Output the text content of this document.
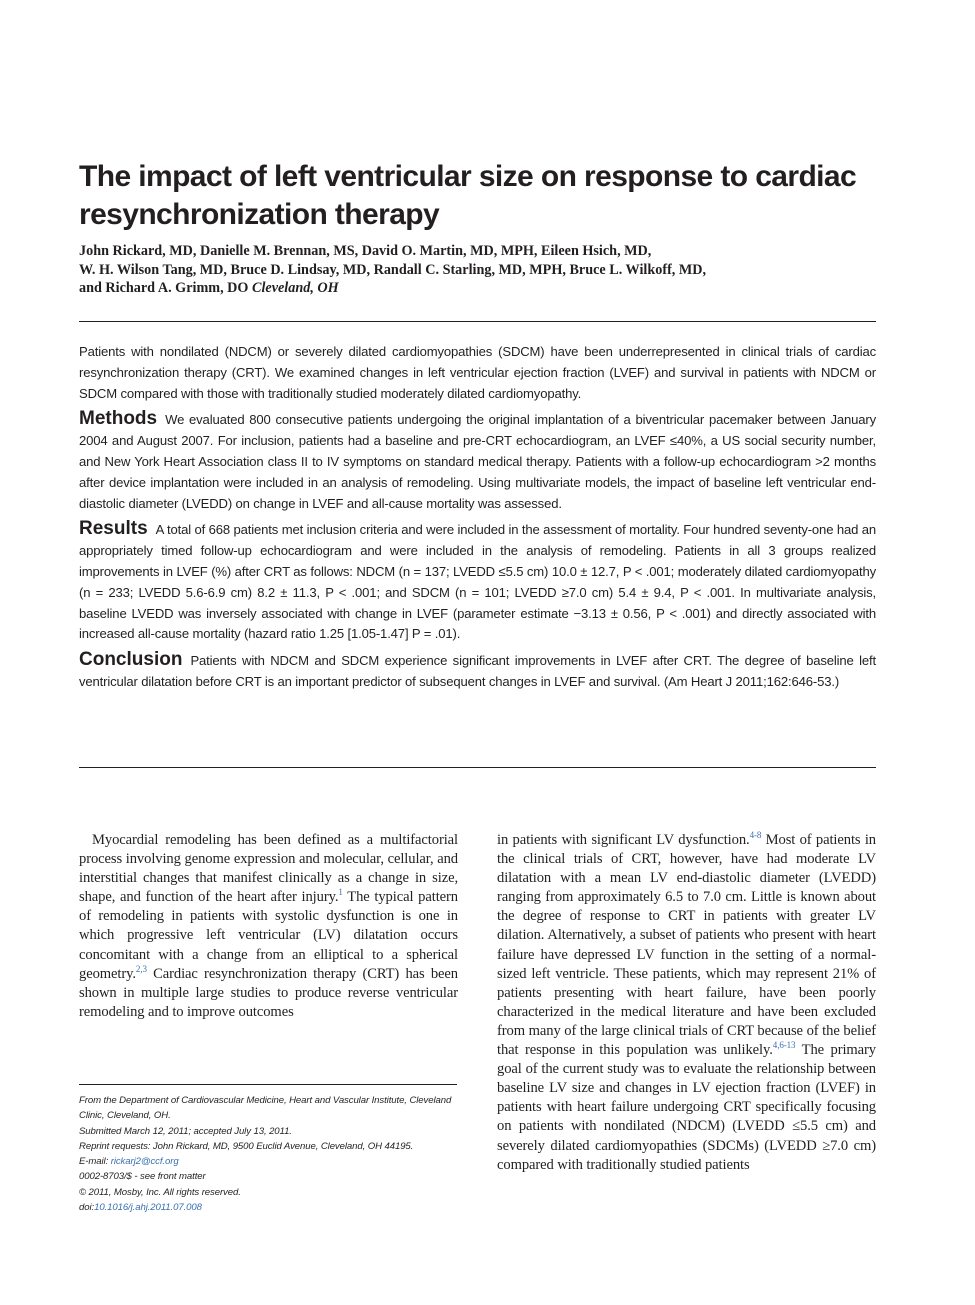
The impact of left ventricular size on response to cardiac resynchronization therapy
John Rickard, MD, Danielle M. Brennan, MS, David O. Martin, MD, MPH, Eileen Hsich, MD,
W. H. Wilson Tang, MD, Bruce D. Lindsay, MD, Randall C. Starling, MD, MPH, Bruce L. Wilkoff, MD,
and Richard A. Grimm, DO Cleveland, OH

Patients with nondilated (NDCM) or severely dilated cardiomyopathies (SDCM) have been underrepresented in clinical trials of cardiac resynchronization therapy (CRT). We examined changes in left ventricular ejection fraction (LVEF) and survival in patients with NDCM or SDCM compared with those with traditionally studied moderately dilated cardiomyopathy.

Methods We evaluated 800 consecutive patients undergoing the original implantation of a biventricular pacemaker between January 2004 and August 2007. For inclusion, patients had a baseline and pre-CRT echocardiogram, an LVEF ≤40%, a US social security number, and New York Heart Association class II to IV symptoms on standard medical therapy. Patients with a follow-up echocardiogram >2 months after device implantation were included in an analysis of remodeling. Using multivariate models, the impact of baseline left ventricular end-diastolic diameter (LVEDD) on change in LVEF and all-cause mortality was assessed.

Results A total of 668 patients met inclusion criteria and were included in the assessment of mortality. Four hundred seventy-one had an appropriately timed follow-up echocardiogram and were included in the analysis of remodeling. Patients in all 3 groups realized improvements in LVEF (%) after CRT as follows: NDCM (n = 137; LVEDD ≤5.5 cm) 10.0 ± 12.7, P < .001; moderately dilated cardiomyopathy (n = 233; LVEDD 5.6-6.9 cm) 8.2 ± 11.3, P < .001; and SDCM (n = 101; LVEDD ≥7.0 cm) 5.4 ± 9.4, P < .001. In multivariate analysis, baseline LVEDD was inversely associated with change in LVEF (parameter estimate −3.13 ± 0.56, P < .001) and directly associated with increased all-cause mortality (hazard ratio 1.25 [1.05-1.47] P = .01).

Conclusion Patients with NDCM and SDCM experience significant improvements in LVEF after CRT. The degree of baseline left ventricular dilatation before CRT is an important predictor of subsequent changes in LVEF and survival. (Am Heart J 2011;162:646-53.)

Myocardial remodeling has been defined as a multifactorial process involving genome expression and molecular, cellular, and interstitial changes that manifest clinically as a change in size, shape, and function of the heart after injury.$^1$ The typical pattern of remodeling in patients with systolic dysfunction is one in which progressive left ventricular (LV) dilatation occurs concomitant with a change from an elliptical to a spherical geometry.$^{2,3}$ Cardiac resynchronization therapy (CRT) has been shown in multiple large studies to produce reverse ventricular remodeling and to improve outcomes

in patients with significant LV dysfunction.$^{4-8}$ Most of patients in the clinical trials of CRT, however, have had moderate LV dilatation with a mean LV end-diastolic diameter (LVEDD) ranging from approximately 6.5 to 7.0 cm. Little is known about the degree of response to CRT in patients with greater LV dilation. Alternatively, a subset of patients who present with heart failure have depressed LV function in the setting of a normal-sized left ventricle. These patients, which may represent 21% of patients presenting with heart failure, have been poorly characterized in the medical literature and have been excluded from many of the large clinical trials of CRT because of the belief that response in this population was unlikely.$^{4,6-13}$ The primary goal of the current study was to evaluate the relationship between baseline LV size and changes in LV ejection fraction (LVEF) in patients with heart failure undergoing CRT specifically focusing on patients with nondilated (NDCM) (LVEDD ≤5.5 cm) and severely dilated cardiomyopathies (SDCMs) (LVEDD ≥7.0 cm) compared with traditionally studied patients

From the Department of Cardiovascular Medicine, Heart and Vascular Institute, Cleveland Clinic, Cleveland, OH.
Submitted March 12, 2011; accepted July 13, 2011.
Reprint requests: John Rickard, MD, 9500 Euclid Avenue, Cleveland, OH 44195.
E-mail: rickarj2@ccf.org
0002-8703/$ - see front matter
© 2011, Mosby, Inc. All rights reserved.
doi:10.1016/j.ahj.2011.07.008
